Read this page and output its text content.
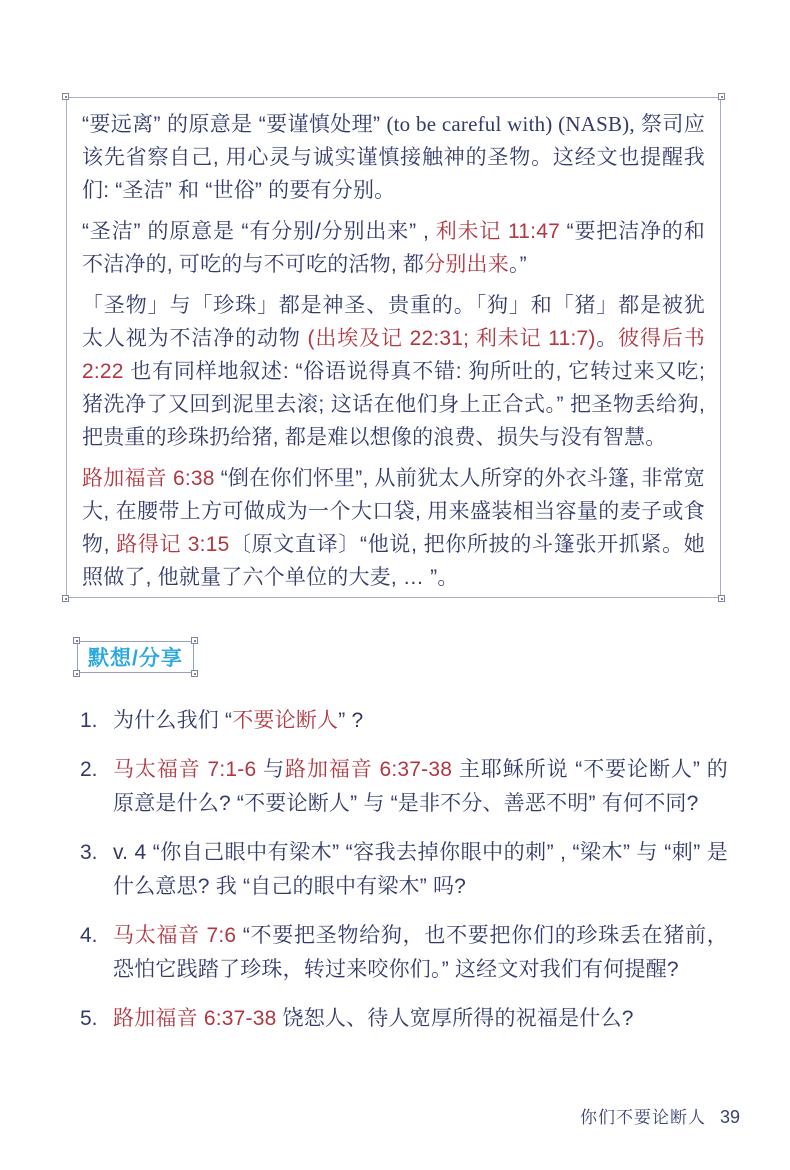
“要远离” 的原意是 “要谨慎处理” (to be careful with) (NASB), 祭司应该先省察自己, 用心灵与诚实谨慎接触神的圣物。这经文也提醒我们: “圣洁” 和 “世俗” 的要有分别。

“圣洁” 的原意是 “有分别/分别出来” , 利未记 11:47 “要把洁净的和不洁净的, 可吃的与不可吃的活物, 都分别出来。”

「圣物」与「珍珠」都是神圣、贵重的。「狗」和「猪」都是被犹太人视为不洁净的动物 (出埃及记 22:31; 利未记 11:7)。彼得后书 2:22 也有同样地叙述: “俗语说得真不错: 狗所吐的, 它转过来又吃; 猪洗净了又回到泥里去滚; 这话在他们身上正合式。” 把圣物丢给狗, 把贵重的珍珠扔给猪, 都是难以想像的浪费、损失与没有智慧。

路加福音 6:38 “倒在你们怀里”, 从前犹太人所穿的外衣斗篷, 非常宽大, 在腰带上方可做成为一个大口袋, 用来盛装相当容量的麦子或食物, 路得记 3:15〔原文直译〕“他说, 把你所披的斗篷张开抓紧。她照做了, 他就量了六个单位的大麦, … ”。

默想/分享
1. 为什么我们 “不要论断人” ?
2. 马太福音 7:1-6 与路加福音 6:37-38 主耶稣所说 “不要论断人” 的原意是什么? “不要论断人” 与 “是非不分、善恶不明” 有何不同?
3. v. 4 “你自己眼中有梁木” “容我去掉你眼中的刺” , “梁木” 与 “刺” 是什么意思? 我 “自己的眼中有梁木” 吗?
4. 马太福音 7:6 “不要把圣物给狗，也不要把你们的珍珠丢在猪前，恐怕它践踏了珍珠，转过来咬你们。” 这经文对我们有何提醒?
5. 路加福音 6:37-38 饶恕人、待人宽厚所得的祝福是什么?
你们不要论断人 39
